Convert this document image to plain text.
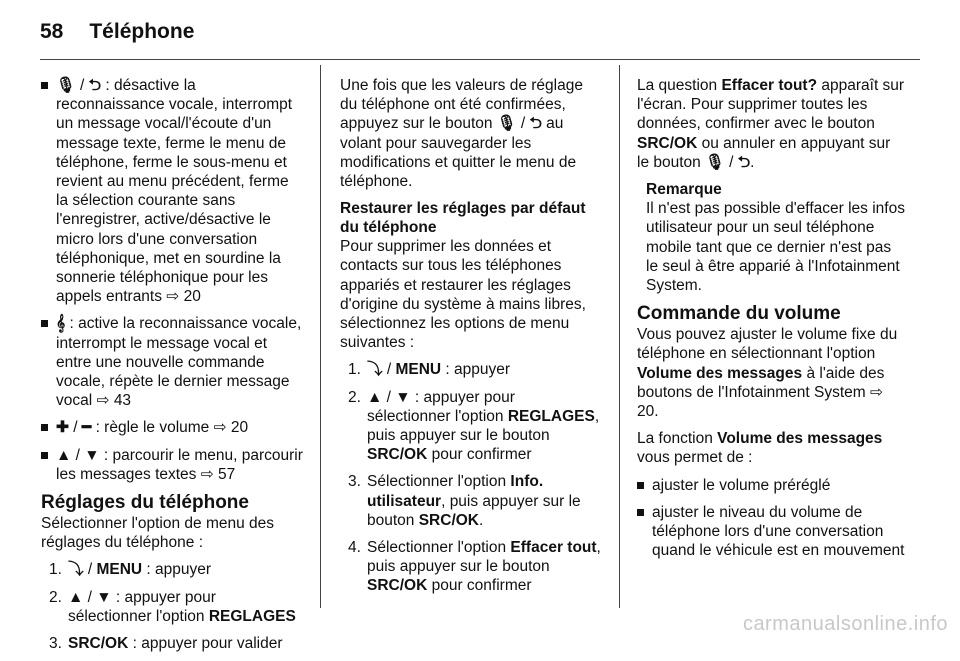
58 Téléphone
🎙 / ⮌ : désactive la reconnaissance vocale, interrompt un message vocal/l'écoute d'un message texte, ferme le menu de téléphone, ferme le sous-menu et revient au menu précédent, ferme la sélection courante sans l'enregistrer, active/désactive le micro lors d'une conversation téléphonique, met en sourdine la sonnerie téléphonique pour les appels entrants ⇨ 20
𝄞 : active la reconnaissance vocale, interrompt le message vocal et entre une nouvelle commande vocale, répète le dernier message vocal ⇨ 43
✚ / ━ : règle le volume ⇨ 20
▲ / ▼ : parcourir le menu, parcourir les messages textes ⇨ 57
Réglages du téléphone

Sélectionner l'option de menu des réglages du téléphone :

1. ⤵ / MENU : appuyer
2. ▲ / ▼ : appuyer pour sélectionner l'option REGLAGES
3. SRC/OK : appuyer pour valider

Une fois que les valeurs de réglage du téléphone ont été confirmées, appuyez sur le bouton 🎙 / ⮌ au volant pour sauvegarder les modifications et quitter le menu de téléphone.

Restaurer les réglages par défaut du téléphone

Pour supprimer les données et contacts sur tous les téléphones appariés et restaurer les réglages d'origine du système à mains libres, sélectionnez les options de menu suivantes :

1. ⤵ / MENU : appuyer
2. ▲ / ▼ : appuyer pour sélectionner l'option REGLAGES, puis appuyer sur le bouton SRC/OK pour confirmer
3. Sélectionner l'option Info. utilisateur, puis appuyer sur le bouton SRC/OK.
4. Sélectionner l'option Effacer tout, puis appuyer sur le bouton SRC/OK pour confirmer

La question Effacer tout? apparaît sur l'écran. Pour supprimer toutes les données, confirmer avec le bouton SRC/OK ou annuler en appuyant sur le bouton 🎙 / ⮌.

Remarque
Il n'est pas possible d'effacer les infos utilisateur pour un seul téléphone mobile tant que ce dernier n'est pas le seul à être apparié à l'Infotainment System.
Commande du volume

Vous pouvez ajuster le volume fixe du téléphone en sélectionnant l'option Volume des messages à l'aide des boutons de l'Infotainment System ⇨ 20.

La fonction Volume des messages vous permet de :

ajuster le volume préréglé
ajuster le niveau du volume de téléphone lors d'une conversation quand le véhicule est en mouvement
carmanualsonline.info
